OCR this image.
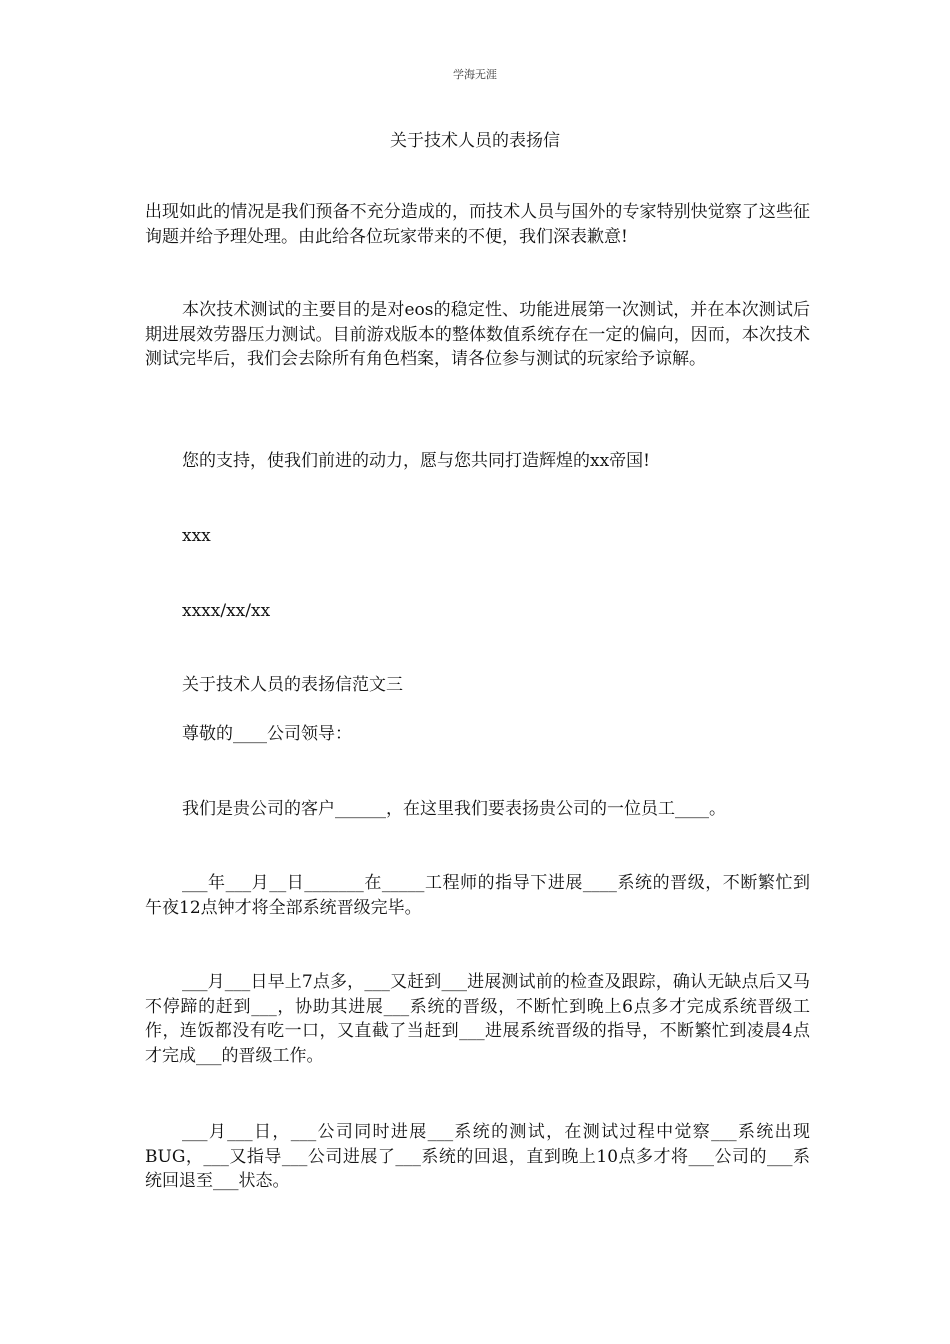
学海无涯
关于技术人员的表扬信

出现如此的情况是我们预备不充分造成的，而技术人员与国外的专家特别快觉察了这些征询题并给予理处理。由此给各位玩家带来的不便，我们深表歉意!

本次技术测试的主要目的是对eos的稳定性、功能进展第一次测试，并在本次测试后期进展效劳器压力测试。目前游戏版本的整体数值系统存在一定的偏向，因而，本次技术测试完毕后，我们会去除所有角色档案，请各位参与测试的玩家给予谅解。

您的支持，使我们前进的动力，愿与您共同打造辉煌的xx帝国!

xxx

xxxx/xx/xx

关于技术人员的表扬信范文三

尊敬的____公司领导：

我们是贵公司的客户______，在这里我们要表扬贵公司的一位员工____。

___年___月__日_______在_____工程师的指导下进展____系统的晋级，不断繁忙到午夜12点钟才将全部系统晋级完毕。

___月___日早上7点多，___又赶到___进展测试前的检查及跟踪，确认无缺点后又马不停蹄的赶到___，协助其进展___系统的晋级，不断忙到晚上6点多才完成系统晋级工作，连饭都没有吃一口，又直截了当赶到___进展系统晋级的指导，不断繁忙到凌晨4点才完成___的晋级工作。

___月___日，___公司同时进展___系统的测试，在测试过程中觉察___系统出现BUG，___又指导___公司进展了___系统的回退，直到晚上10点多才将___公司的___系统回退至___状态。
